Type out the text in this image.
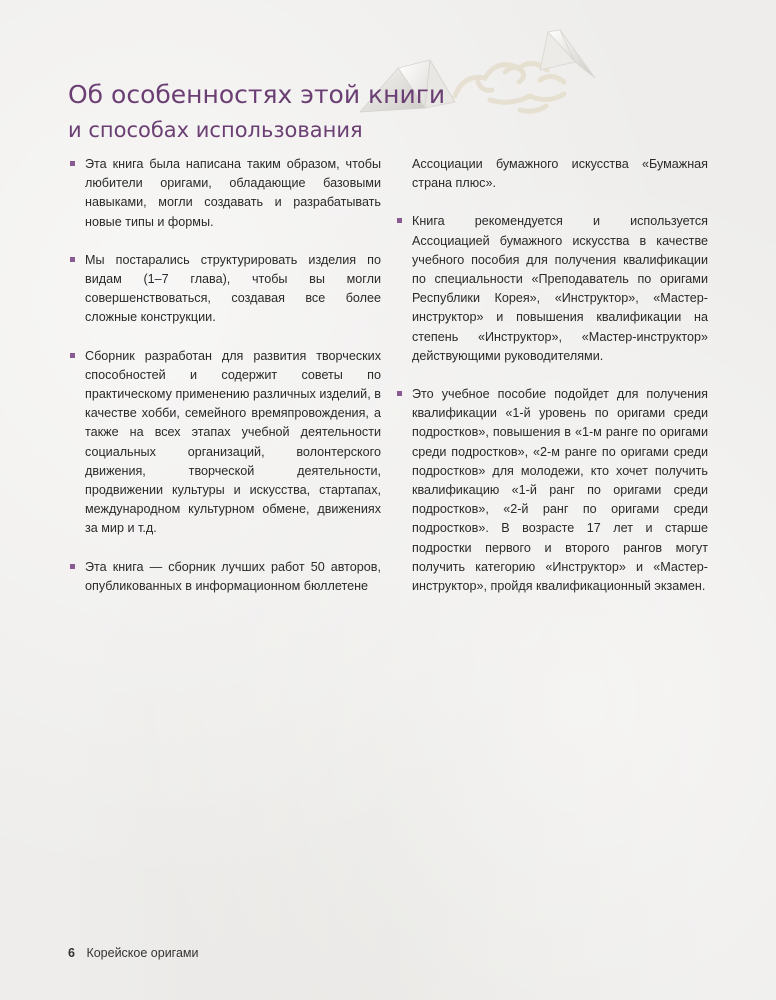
Об особенностях этой книги
и способах использования
Эта книга была написана таким образом, чтобы любители оригами, обладающие базовыми навыками, могли создавать и разрабатывать новые типы и формы.
Мы постарались структурировать изделия по видам (1–7 глава), чтобы вы могли совершенствоваться, создавая все более сложные конструкции.
Сборник разработан для развития творческих способностей и содержит советы по практическому применению различных изделий, в качестве хобби, семейного времяпровождения, а также на всех этапах учебной деятельности социальных организаций, волонтерского движения, творческой деятельности, продвижении культуры и искусства, стартапах, международном культурном обмене, движениях за мир и т.д.
Эта книга — сборник лучших работ 50 авторов, опубликованных в информационном бюллетене
Ассоциации бумажного искусства «Бумажная страна плюс».
Книга рекомендуется и используется Ассоциацией бумажного искусства в качестве учебного пособия для получения квалификации по специальности «Преподаватель по оригами Республики Корея», «Инструктор», «Мастер-инструктор» и повышения квалификации на степень «Инструктор», «Мастер-инструктор» действующими руководителями.
Это учебное пособие подойдет для получения квалификации «1-й уровень по оригами среди подростков», повышения в «1-м ранге по оригами среди подростков», «2-м ранге по оригами среди подростков» для молодежи, кто хочет получить квалификацию «1-й ранг по оригами среди подростков», «2-й ранг по оригами среди подростков». В возрасте 17 лет и старше подростки первого и второго рангов могут получить категорию «Инструктор» и «Мастер-инструктор», пройдя квалификационный экзамен.
6 Корейское оригами
